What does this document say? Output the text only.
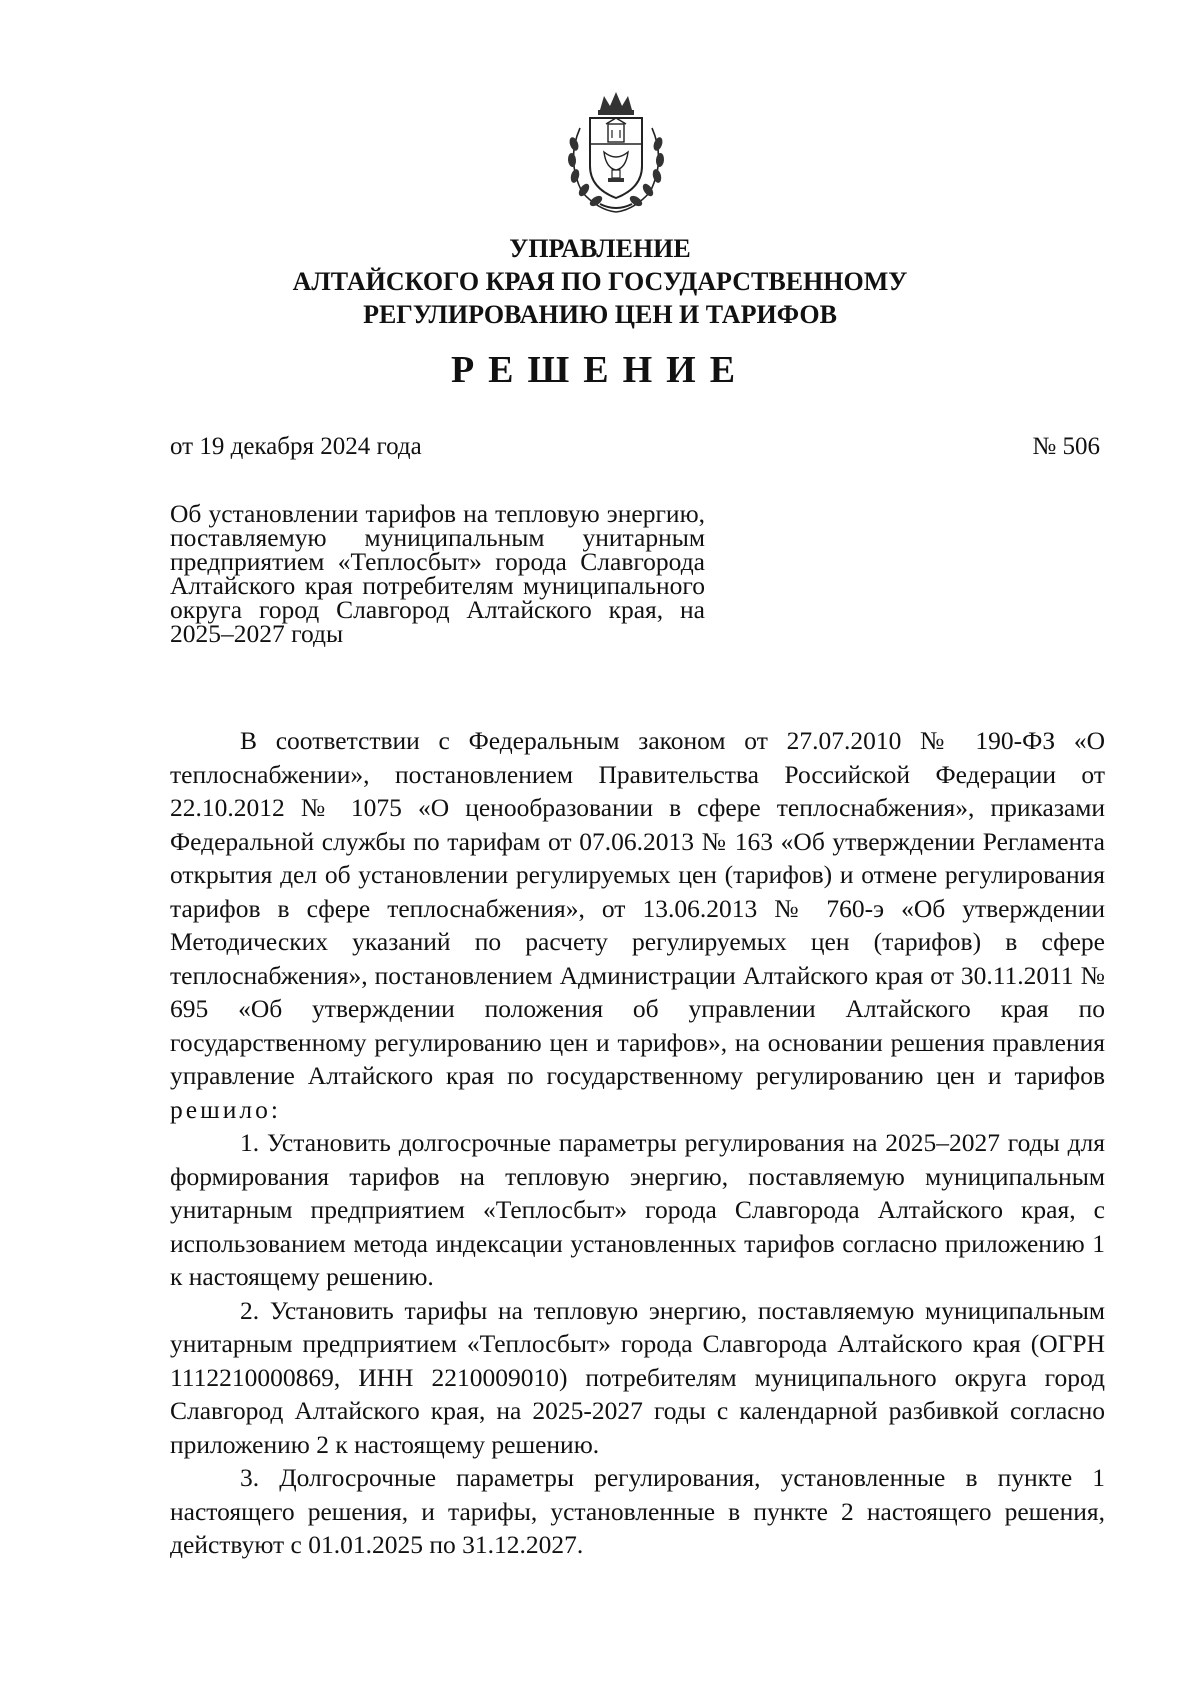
УПРАВЛЕНИЕ
АЛТАЙСКОГО КРАЯ ПО ГОСУДАРСТВЕННОМУ
РЕГУЛИРОВАНИЮ ЦЕН И ТАРИФОВ
РЕШЕНИЕ
от 19 декабря 2024 года	№ 506
Об установлении тарифов на тепловую энергию, поставляемую муниципальным унитарным предприятием «Теплосбыт» города Славгорода Алтайского края потребителям муниципального округа город Славгород Алтайского края, на 2025–2027 годы

В соответствии с Федеральным законом от 27.07.2010 № 190-ФЗ «О теплоснабжении», постановлением Правительства Российской Федерации от 22.10.2012 № 1075 «О ценообразовании в сфере теплоснабжения», приказами Федеральной службы по тарифам от 07.06.2013 № 163 «Об утверждении Регламента открытия дел об установлении регулируемых цен (тарифов) и отмене регулирования тарифов в сфере теплоснабжения», от 13.06.2013 № 760-э «Об утверждении Методических указаний по расчету регулируемых цен (тарифов) в сфере теплоснабжения», постановлением Администрации Алтайского края от 30.11.2011 № 695 «Об утверждении положения об управлении Алтайского края по государственному регулированию цен и тарифов», на основании решения правления управление Алтайского края по государственному регулированию цен и тарифов решило:

1. Установить долгосрочные параметры регулирования на 2025–2027 годы для формирования тарифов на тепловую энергию, поставляемую муниципальным унитарным предприятием «Теплосбыт» города Славгорода Алтайского края, с использованием метода индексации установленных тарифов согласно приложению 1 к настоящему решению.

2. Установить тарифы на тепловую энергию, поставляемую муниципальным унитарным предприятием «Теплосбыт» города Славгорода Алтайского края (ОГРН 1112210000869, ИНН 2210009010) потребителям муниципального округа город Славгород Алтайского края, на 2025-2027 годы с календарной разбивкой согласно приложению 2 к настоящему решению.

3. Долгосрочные параметры регулирования, установленные в пункте 1 настоящего решения, и тарифы, установленные в пункте 2 настоящего решения, действуют с 01.01.2025 по 31.12.2027.
